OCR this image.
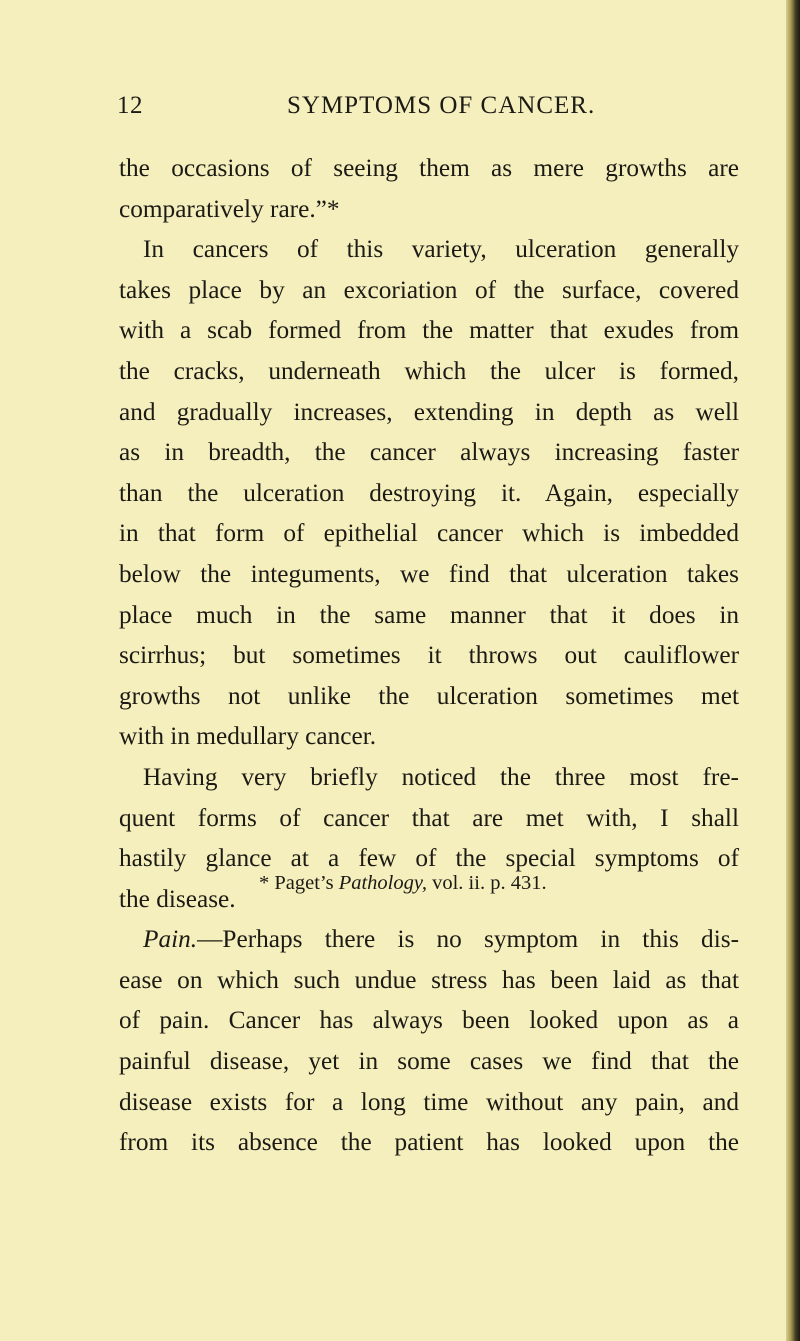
12	SYMPTOMS OF CANCER.
the occasions of seeing them as mere growths are
comparatively rare.”*
In cancers of this variety, ulceration generally
takes place by an excoriation of the surface, covered
with a scab formed from the matter that exudes from
the cracks, underneath which the ulcer is formed,
and gradually increases, extending in depth as well
as in breadth, the cancer always increasing faster
than the ulceration destroying it. Again, especially
in that form of epithelial cancer which is imbedded
below the integuments, we find that ulceration takes
place much in the same manner that it does in
scirrhus; but sometimes it throws out cauliflower
growths not unlike the ulceration sometimes met
with in medullary cancer.
Having very briefly noticed the three most fre-
quent forms of cancer that are met with, I shall
hastily glance at a few of the special symptoms of
the disease.
Pain.—Perhaps there is no symptom in this dis-
ease on which such undue stress has been laid as that
of pain. Cancer has always been looked upon as a
painful disease, yet in some cases we find that the
disease exists for a long time without any pain, and
from its absence the patient has looked upon the
* Paget’s Pathology, vol. ii. p. 431.
